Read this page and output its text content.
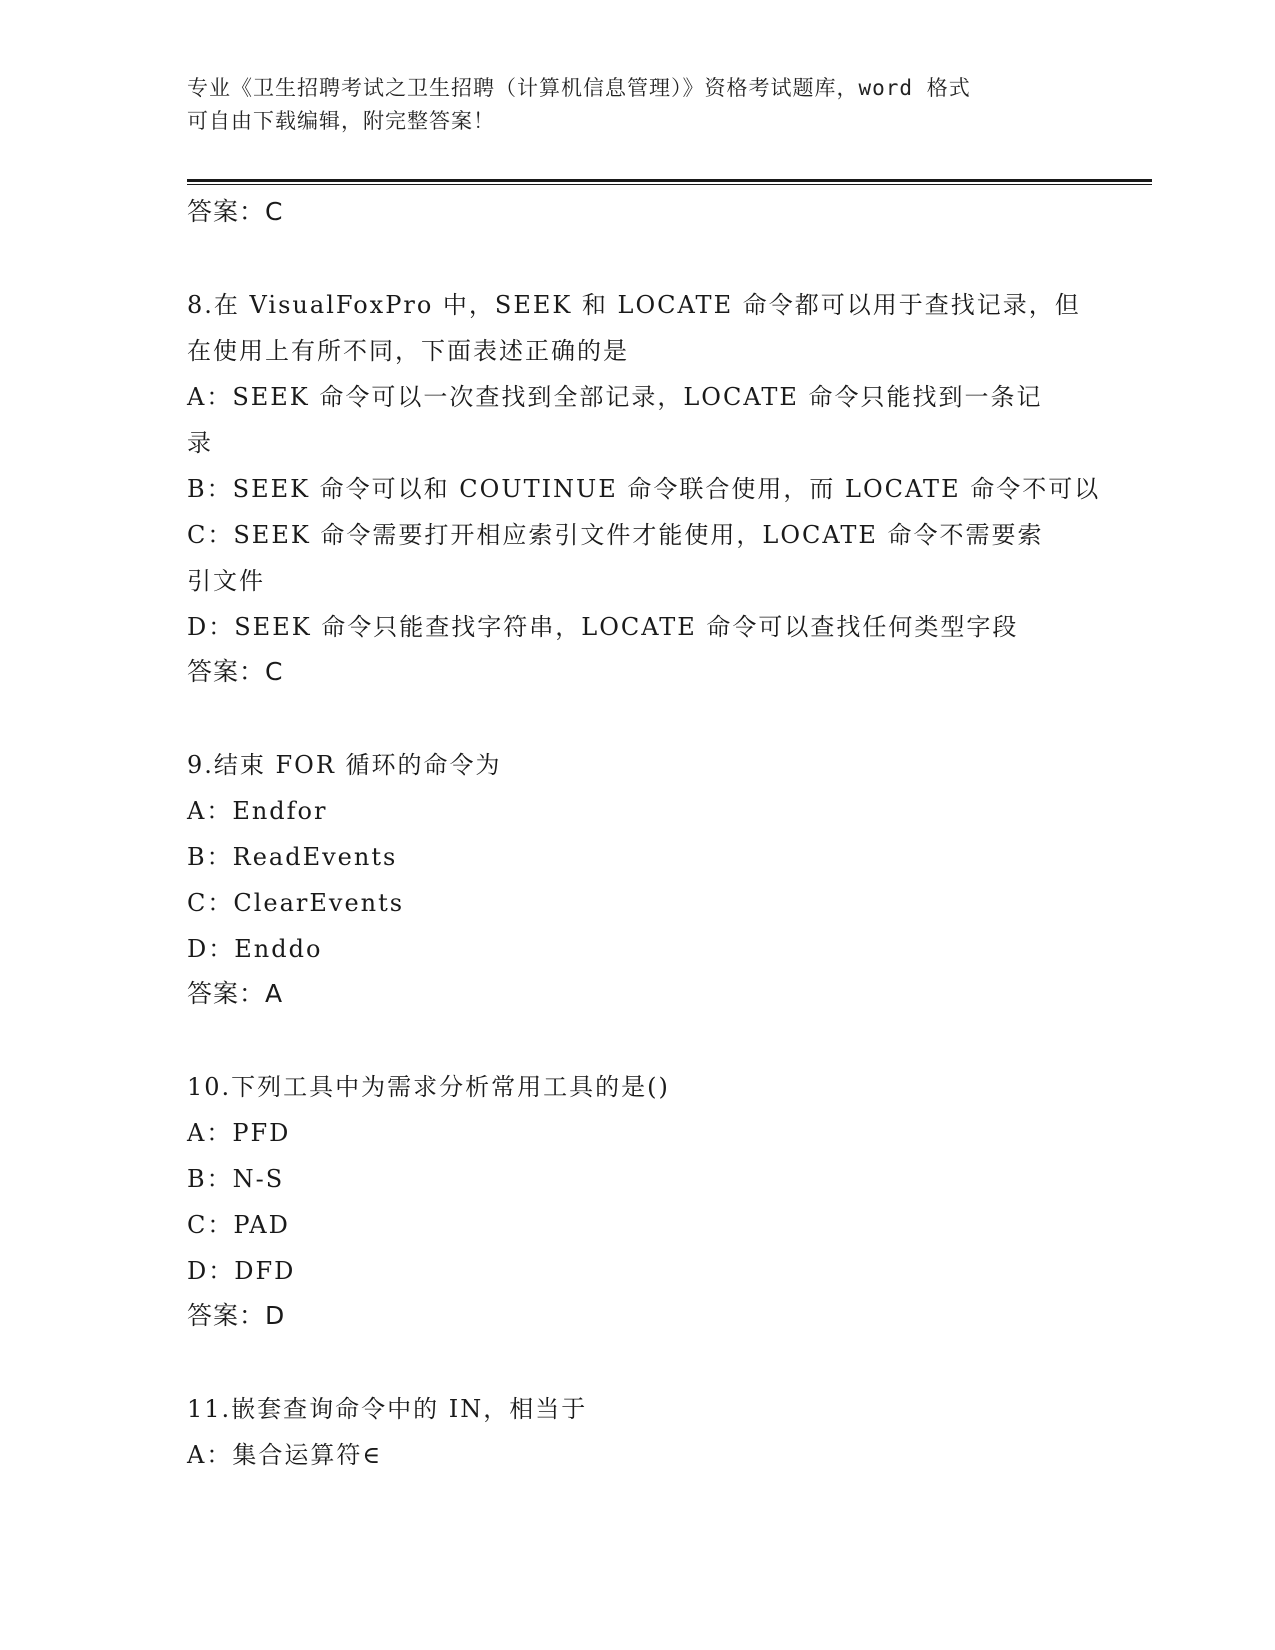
专业《卫生招聘考试之卫生招聘（计算机信息管理）》资格考试题库，word 格式
可自由下载编辑，附完整答案！
答案：C
8.在 VisualFoxPro 中，SEEK 和 LOCATE 命令都可以用于查找记录，但
在使用上有所不同，下面表述正确的是
A：SEEK 命令可以一次查找到全部记录，LOCATE 命令只能找到一条记
录
B：SEEK 命令可以和 COUTINUE 命令联合使用，而 LOCATE 命令不可以
C：SEEK 命令需要打开相应索引文件才能使用，LOCATE 命令不需要索
引文件
D：SEEK 命令只能查找字符串，LOCATE 命令可以查找任何类型字段
答案：C
9.结束 FOR 循环的命令为
A：Endfor
B：ReadEvents
C：ClearEvents
D：Enddo
答案：A
10.下列工具中为需求分析常用工具的是()
A：PFD
B：N-S
C：PAD
D：DFD
答案：D
11.嵌套查询命令中的 IN，相当于
A：集合运算符∈
